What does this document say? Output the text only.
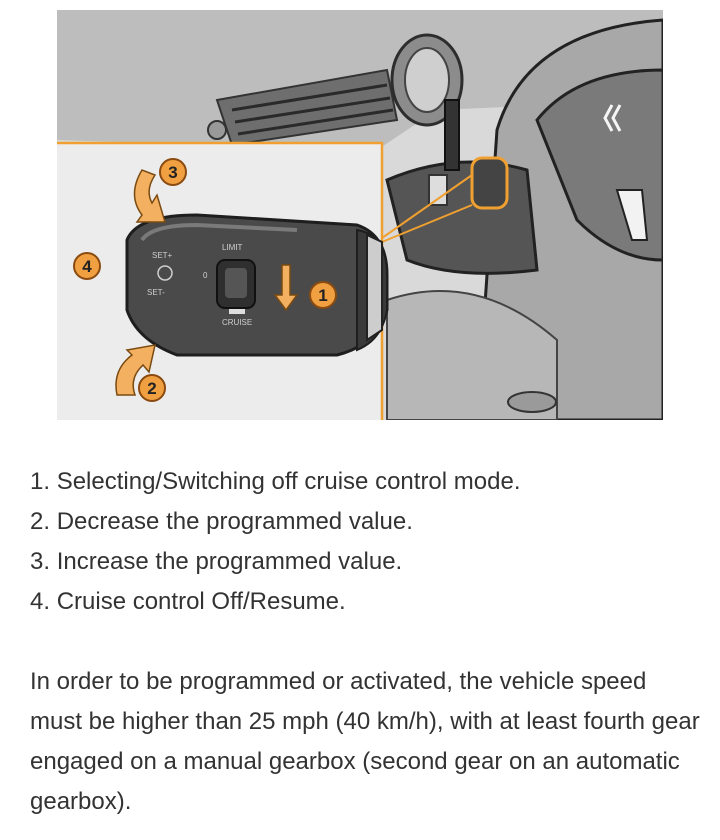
SET+
SET-
LIMIT
CRUISE
0
1
2
3
4
1. Selecting/Switching off cruise control mode.
2. Decrease the programmed value.
3. Increase the programmed value.
4. Cruise control Off/Resume.

In order to be programmed or activated, the vehicle speed must be higher than 25 mph (40 km/h), with at least fourth gear engaged on a manual gearbox (second gear on an automatic gearbox).
